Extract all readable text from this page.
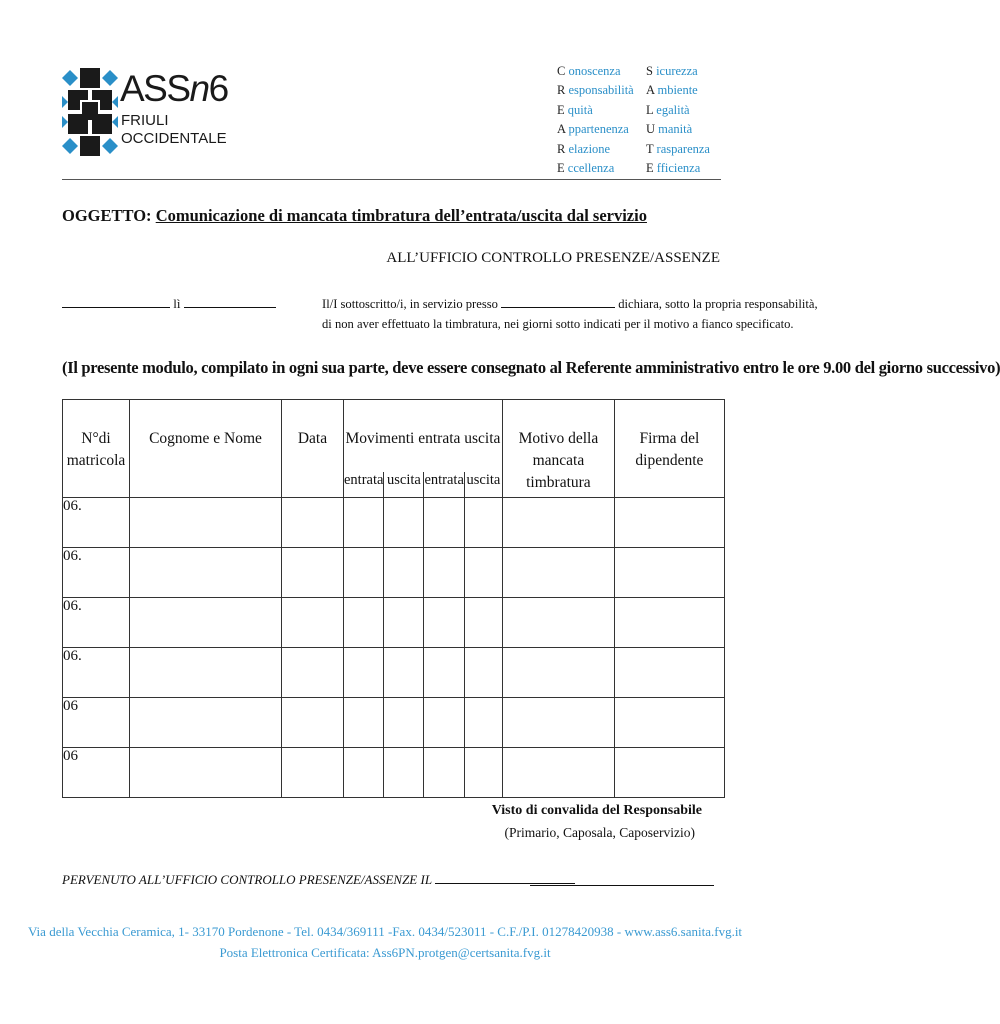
ASSn6
FRIULI
OCCIDENTALE
C onoscenza
R esponsabilità
E quità
A ppartenenza
R elazione
E ccellenza
S icurezza
A mbiente
L egalità
U manità
T rasparenza
E fficienza
OGGETTO: Comunicazione di mancata timbratura dell’entrata/uscita dal servizio
ALL’UFFICIO CONTROLLO PRESENZE/ASSENZE
lì	Il/I sottoscritto/i, in servizio presso	dichiara, sotto la propria responsabilità,
di non aver effettuato la timbratura, nei giorni sotto indicati per il motivo a fianco specificato.
(Il presente modulo, compilato in ogni sua parte, deve essere consegnato al Referente amministrativo entro le ore 9.00 del giorno successivo)
N°di matricola	Cognome e Nome	Data	Movimenti entrata uscita				Motivo della mancata timbratura	Firma del dipendente
			entrata	uscita	entrata	uscita		
06.								
06.								
06.								
06.								
06								
06								
Visto di convalida del Responsabile
(Primario, Caposala, Caposervizio)
PERVENUTO ALL’UFFICIO CONTROLLO PRESENZE/ASSENZE IL
Via della Vecchia Ceramica, 1- 33170 Pordenone - Tel. 0434/369111 -Fax. 0434/523011 - C.F./P.I. 01278420938 - www.ass6.sanita.fvg.it
Posta Elettronica Certificata: Ass6PN.protgen@certsanita.fvg.it
